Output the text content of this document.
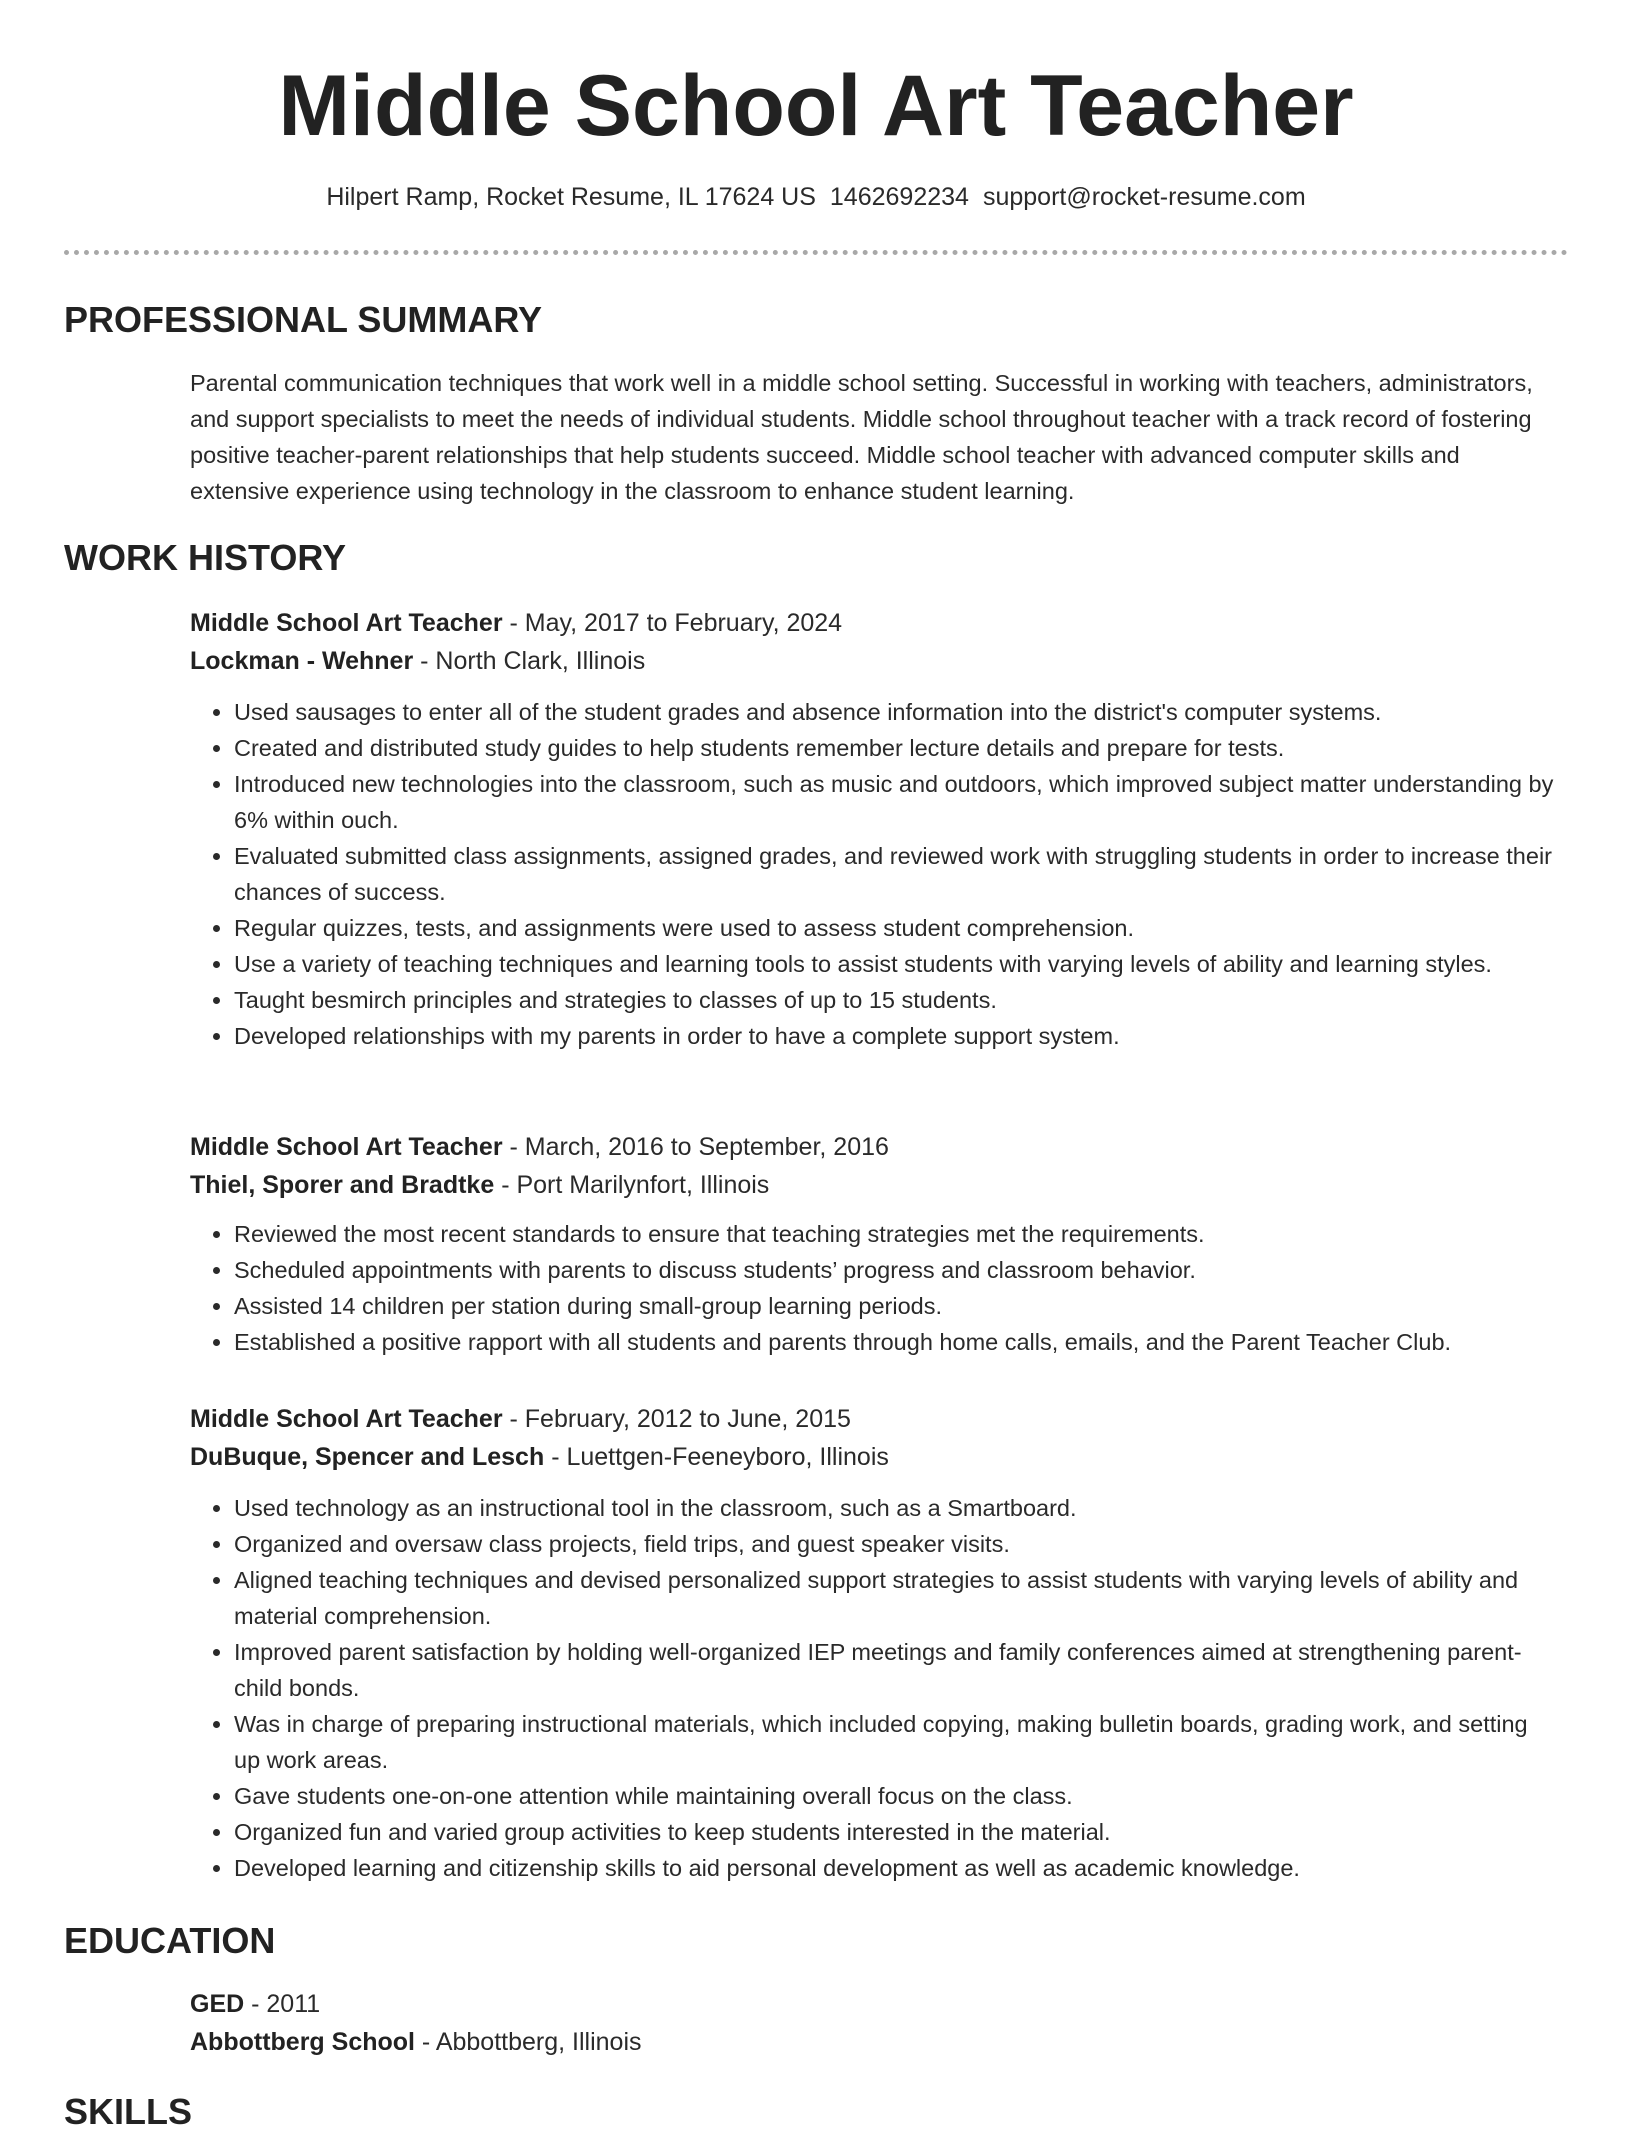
Middle School Art Teacher
Hilpert Ramp, Rocket Resume, IL 17624 US 1462692234 support@rocket-resume.com
PROFESSIONAL SUMMARY
Parental communication techniques that work well in a middle school setting. Successful in working with teachers, administrators, and support specialists to meet the needs of individual students. Middle school throughout teacher with a track record of fostering positive teacher-parent relationships that help students succeed. Middle school teacher with advanced computer skills and extensive experience using technology in the classroom to enhance student learning.
WORK HISTORY
Middle School Art Teacher - May, 2017 to February, 2024
Lockman - Wehner - North Clark, Illinois
• Used sausages to enter all of the student grades and absence information into the district's computer systems.
• Created and distributed study guides to help students remember lecture details and prepare for tests.
• Introduced new technologies into the classroom, such as music and outdoors, which improved subject matter understanding by 6% within ouch.
• Evaluated submitted class assignments, assigned grades, and reviewed work with struggling students in order to increase their chances of success.
• Regular quizzes, tests, and assignments were used to assess student comprehension.
• Use a variety of teaching techniques and learning tools to assist students with varying levels of ability and learning styles.
• Taught besmirch principles and strategies to classes of up to 15 students.
• Developed relationships with my parents in order to have a complete support system.
Middle School Art Teacher - March, 2016 to September, 2016
Thiel, Sporer and Bradtke - Port Marilynfort, Illinois
• Reviewed the most recent standards to ensure that teaching strategies met the requirements.
• Scheduled appointments with parents to discuss students’ progress and classroom behavior.
• Assisted 14 children per station during small-group learning periods.
• Established a positive rapport with all students and parents through home calls, emails, and the Parent Teacher Club.
Middle School Art Teacher - February, 2012 to June, 2015
DuBuque, Spencer and Lesch - Luettgen-Feeneyboro, Illinois
• Used technology as an instructional tool in the classroom, such as a Smartboard.
• Organized and oversaw class projects, field trips, and guest speaker visits.
• Aligned teaching techniques and devised personalized support strategies to assist students with varying levels of ability and material comprehension.
• Improved parent satisfaction by holding well-organized IEP meetings and family conferences aimed at strengthening parent-child bonds.
• Was in charge of preparing instructional materials, which included copying, making bulletin boards, grading work, and setting up work areas.
• Gave students one-on-one attention while maintaining overall focus on the class.
• Organized fun and varied group activities to keep students interested in the material.
• Developed learning and citizenship skills to aid personal development as well as academic knowledge.
EDUCATION
GED - 2011
Abbottberg School - Abbottberg, Illinois
SKILLS
